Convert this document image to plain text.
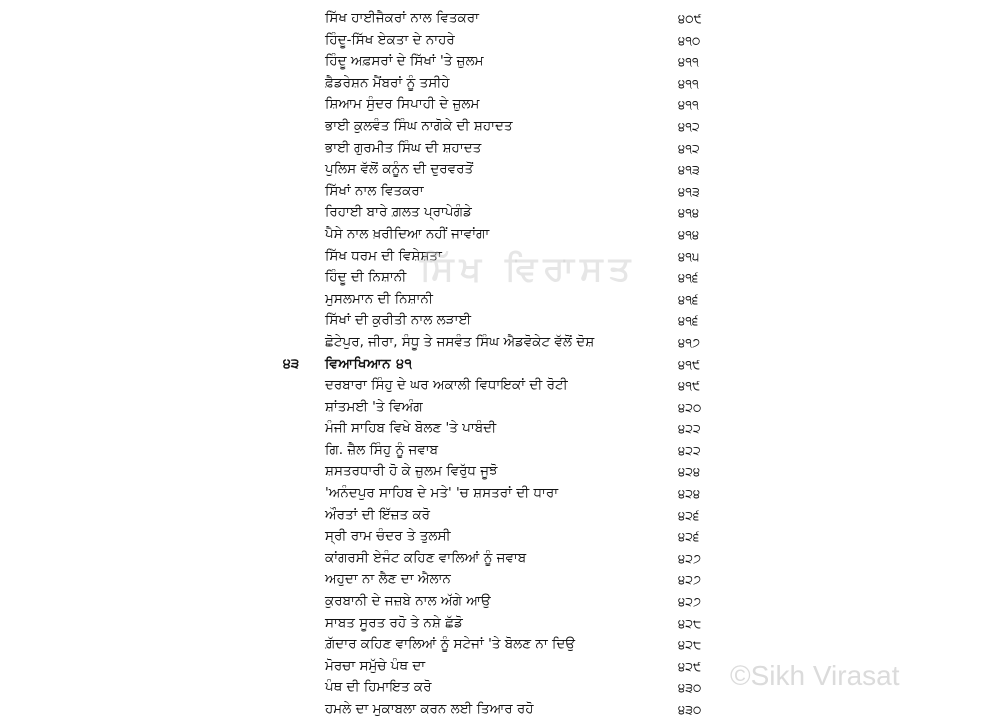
ਸਿੱਖ ਹਾਈਜੈਕਰਾਂ ਨਾਲ ਵਿਤਕਰਾ	੪੦੯
ਹਿੰਦੂ-ਸਿੱਖ ਏਕਤਾ ਦੇ ਨਾਹਰੇ	੪੧੦
ਹਿੰਦੂ ਅਫ਼ਸਰਾਂ ਦੇ ਸਿੱਖਾਂ 'ਤੇ ਜ਼ੁਲਮ	੪੧੧
ਫ਼ੈਡਰੇਸ਼ਨ ਮੈਂਬਰਾਂ ਨੂੰ ਤਸੀਹੇ	੪੧੧
ਸ਼ਿਆਮ ਸੁੰਦਰ ਸਿਪਾਹੀ ਦੇ ਜ਼ੁਲਮ	੪੧੧
ਭਾਈ ਕੁਲਵੰਤ ਸਿੰਘ ਨਾਗੋਕੇ ਦੀ ਸ਼ਹਾਦਤ	੪੧੨
ਭਾਈ ਗੁਰਮੀਤ ਸਿੰਘ ਦੀ ਸ਼ਹਾਦਤ	੪੧੨
ਪੁਲਿਸ ਵੱਲੋਂ ਕਨੂੰਨ ਦੀ ਦੁਰਵਰਤੋਂ	੪੧੩
ਸਿੱਖਾਂ ਨਾਲ ਵਿਤਕਰਾ	੪੧੩
ਰਿਹਾਈ ਬਾਰੇ ਗ਼ਲਤ ਪ੍ਰਾਪੇਗੰਡੇ	੪੧੪
ਪੈਸੇ ਨਾਲ ਖ਼ਰੀਦਿਆ ਨਹੀਂ ਜਾਵਾਂਗਾ	੪੧੪
ਸਿੱਖ ਧਰਮ ਦੀ ਵਿਸ਼ੇਸ਼ਤਾ	੪੧੫
ਹਿੰਦੂ ਦੀ ਨਿਸ਼ਾਨੀ	੪੧੬
ਮੁਸਲਮਾਨ ਦੀ ਨਿਸ਼ਾਨੀ	੪੧੬
ਸਿੱਖਾਂ ਦੀ ਕੁਰੀਤੀ ਨਾਲ ਲੜਾਈ	੪੧੬
ਛੋਟੇਪੁਰ, ਜੀਰਾ, ਸੰਧੂ ਤੇ ਜਸਵੰਤ ਸਿੰਘ ਐਡਵੋਕੇਟ ਵੱਲੋਂ ਦੋਸ਼	੪੧੭
੪੩ ਵਿਆਖਿਆਨ ੪੧	੪੧੯
ਦਰਬਾਰਾ ਸਿੰਹੁ ਦੇ ਘਰ ਅਕਾਲੀ ਵਿਧਾਇਕਾਂ ਦੀ ਰੋਟੀ	੪੧੯
ਸ਼ਾਂਤਮਈ 'ਤੇ ਵਿਅੰਗ	੪੨੦
ਮੰਜੀ ਸਾਹਿਬ ਵਿਖੇ ਬੋਲਣ 'ਤੇ ਪਾਬੰਦੀ	੪੨੨
ਗਿ. ਜ਼ੈਲ ਸਿੰਹੁ ਨੂੰ ਜਵਾਬ	੪੨੨
ਸ਼ਸਤਰਧਾਰੀ ਹੋ ਕੇ ਜ਼ੁਲਮ ਵਿਰੁੱਧ ਜੂਝੋ	੪੨੪
'ਅਨੰਦਪੁਰ ਸਾਹਿਬ ਦੇ ਮਤੇ' 'ਚ ਸ਼ਸਤਰਾਂ ਦੀ ਧਾਰਾ	੪੨੪
ਔਰਤਾਂ ਦੀ ਇੱਜ਼ਤ ਕਰੋ	੪੨੬
ਸ੍ਰੀ ਰਾਮ ਚੰਦਰ ਤੇ ਤੁਲਸੀ	੪੨੬
ਕਾਂਗਰਸੀ ਏਜੰਟ ਕਹਿਣ ਵਾਲਿਆਂ ਨੂੰ ਜਵਾਬ	੪੨੭
ਅਹੁਦਾ ਨਾ ਲੈਣ ਦਾ ਐਲਾਨ	੪੨੭
ਕੁਰਬਾਨੀ ਦੇ ਜਜ਼ਬੇ ਨਾਲ ਅੱਗੇ ਆਉ	੪੨੭
ਸਾਬਤ ਸੂਰਤ ਰਹੋ ਤੇ ਨਸ਼ੇ ਛੱਡੋ	੪੨੮
ਗ਼ੱਦਾਰ ਕਹਿਣ ਵਾਲਿਆਂ ਨੂੰ ਸਟੇਜਾਂ 'ਤੇ ਬੋਲਣ ਨਾ ਦਿਉ	੪੨੮
ਮੋਰਚਾ ਸਮੁੱਚੇ ਪੰਥ ਦਾ	੪੨੯
ਪੰਥ ਦੀ ਹਿਮਾਇਤ ਕਰੋ	੪੩੦
ਹਮਲੇ ਦਾ ਮੁਕਾਬਲਾ ਕਰਨ ਲਈ ਤਿਆਰ ਰਹੋ	੪੩੦
ਸਿੱਖ ਵਿਰਾਸਤ
©Sikh Virasat
